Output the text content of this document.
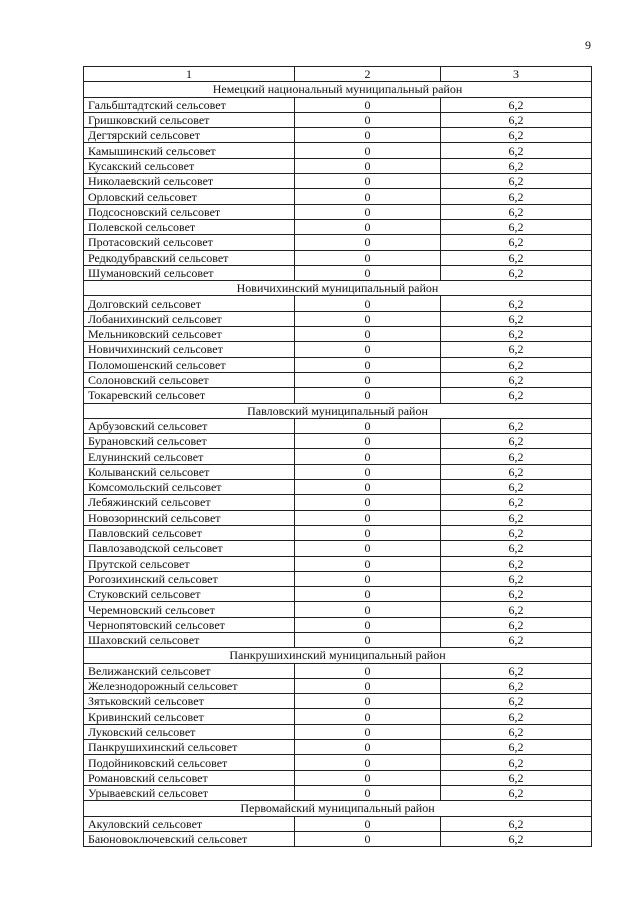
9
1	2	3
Немецкий национальный муниципальный район		
Гальбштадтский сельсовет	0	6,2
Гришковский сельсовет	0	6,2
Дегтярский сельсовет	0	6,2
Камышинский сельсовет	0	6,2
Кусакский сельсовет	0	6,2
Николаевский сельсовет	0	6,2
Орловский сельсовет	0	6,2
Подсосновский сельсовет	0	6,2
Полевской сельсовет	0	6,2
Протасовский сельсовет	0	6,2
Редкодубравский сельсовет	0	6,2
Шумановский сельсовет	0	6,2
Новичихинский муниципальный район		
Долговский сельсовет	0	6,2
Лобанихинский сельсовет	0	6,2
Мельниковский сельсовет	0	6,2
Новичихинский сельсовет	0	6,2
Поломошенский сельсовет	0	6,2
Солоновский сельсовет	0	6,2
Токаревский сельсовет	0	6,2
Павловский муниципальный район		
Арбузовский сельсовет	0	6,2
Бурановский сельсовет	0	6,2
Елунинский сельсовет	0	6,2
Колыванский сельсовет	0	6,2
Комсомольский сельсовет	0	6,2
Лебяжинский сельсовет	0	6,2
Новозоринский сельсовет	0	6,2
Павловский сельсовет	0	6,2
Павлозаводской сельсовет	0	6,2
Прутской сельсовет	0	6,2
Рогозихинский сельсовет	0	6,2
Стуковский сельсовет	0	6,2
Черемновский сельсовет	0	6,2
Чернопятовский сельсовет	0	6,2
Шаховский сельсовет	0	6,2
Панкрушихинский муниципальный район		
Велижанский сельсовет	0	6,2
Железнодорожный сельсовет	0	6,2
Зятьковский сельсовет	0	6,2
Кривинский сельсовет	0	6,2
Луковский сельсовет	0	6,2
Панкрушихинский сельсовет	0	6,2
Подойниковский сельсовет	0	6,2
Романовский сельсовет	0	6,2
Урываевский сельсовет	0	6,2
Первомайский муниципальный район		
Акуловский сельсовет	0	6,2
Баюновоключевский сельсовет	0	6,2
